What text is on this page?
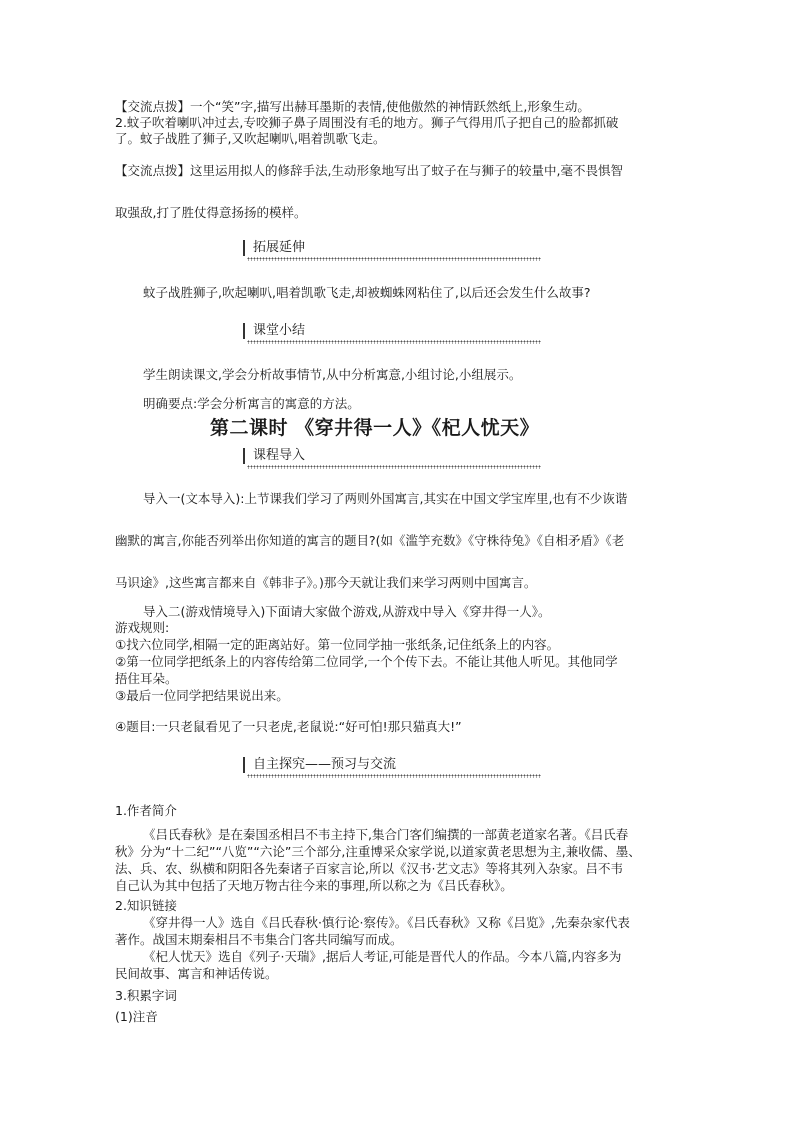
【交流点拨】一个“笑”字,描写出赫耳墨斯的表情,使他傲然的神情跃然纸上,形象生动。
2.蚊子吹着喇叭冲过去,专咬狮子鼻子周围没有毛的地方。狮子气得用爪子把自己的脸都抓破
了。蚊子战胜了狮子,又吹起喇叭,唱着凯歌飞走。
【交流点拨】这里运用拟人的修辞手法,生动形象地写出了蚊子在与狮子的较量中,毫不畏惧智
取强敌,打了胜仗得意扬扬的模样。
拓展延伸
蚊子战胜狮子,吹起喇叭,唱着凯歌飞走,却被蜘蛛网粘住了,以后还会发生什么故事?
课堂小结
学生朗读课文,学会分析故事情节,从中分析寓意,小组讨论,小组展示。
明确要点:学会分析寓言的寓意的方法。
第二课时 《穿井得一人》《杞人忧天》
课程导入
导入一(文本导入):上节课我们学习了两则外国寓言,其实在中国文学宝库里,也有不少诙谐
幽默的寓言,你能否列举出你知道的寓言的题目?(如《滥竽充数》《守株待兔》《自相矛盾》《老
马识途》,这些寓言都来自《韩非子》。)那今天就让我们来学习两则中国寓言。
导入二(游戏情境导入)下面请大家做个游戏,从游戏中导入《穿井得一人》。
游戏规则:
①找六位同学,相隔一定的距离站好。第一位同学抽一张纸条,记住纸条上的内容。
②第一位同学把纸条上的内容传给第二位同学,一个个传下去。不能让其他人听见。其他同学
捂住耳朵。
③最后一位同学把结果说出来。
④题目:一只老鼠看见了一只老虎,老鼠说:“好可怕!那只猫真大!”
自主探究——预习与交流
1.作者简介
《吕氏春秋》是在秦国丞相吕不韦主持下,集合门客们编撰的一部黄老道家名著。《吕氏春
秋》分为“十二纪”“八览”“六论”三个部分,注重博采众家学说,以道家黄老思想为主,兼收儒、墨、
法、兵、农、纵横和阴阳各先秦诸子百家言论,所以《汉书·艺文志》等将其列入杂家。吕不韦
自己认为其中包括了天地万物古往今来的事理,所以称之为《吕氏春秋》。
2.知识链接
《穿井得一人》选自《吕氏春秋·慎行论·察传》。《吕氏春秋》又称《吕览》,先秦杂家代表
著作。战国末期秦相吕不韦集合门客共同编写而成。
《杞人忧天》选自《列子·天瑞》,据后人考证,可能是晋代人的作品。今本八篇,内容多为
民间故事、寓言和神话传说。
3.积累字词
(1)注音
